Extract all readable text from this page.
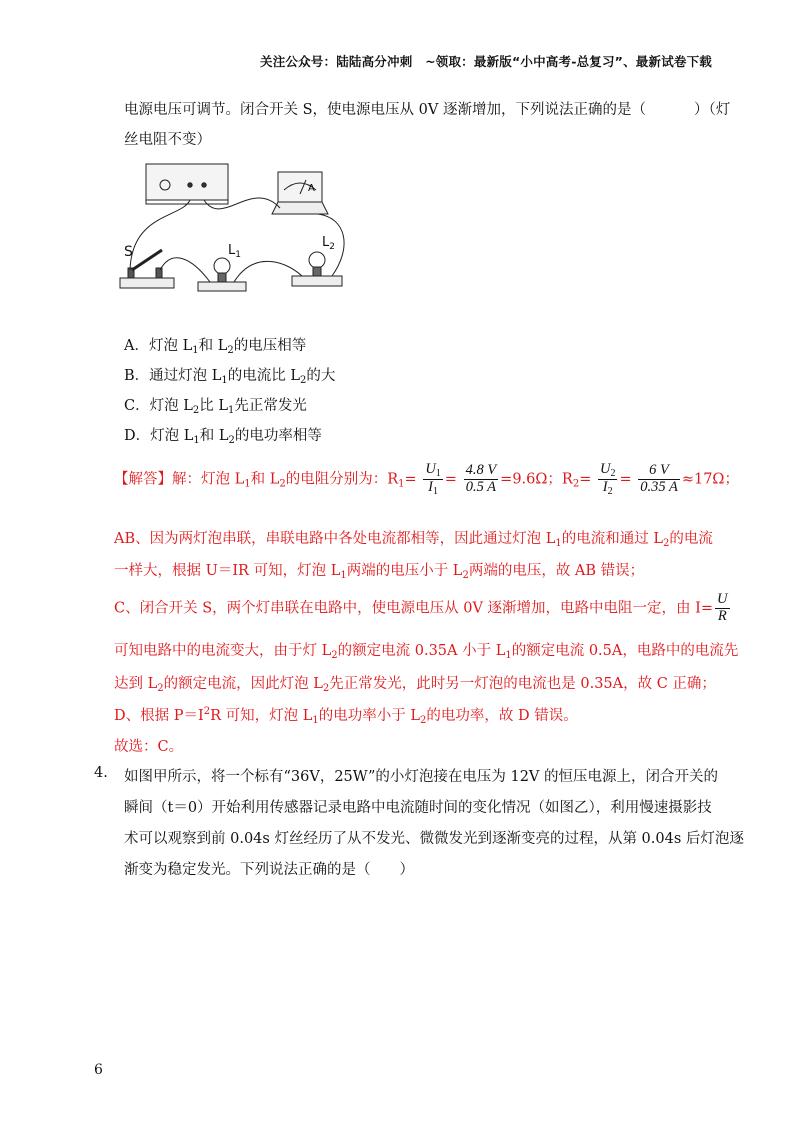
关注公众号：陆陆高分冲刺　~领取：最新版“小中高考-总复习”、最新试卷下载
电源电压可调节。闭合开关 S，使电源电压从 0V 逐渐增加，下列说法正确的是（	）（灯
丝电阻不变）
A
S	$L_1$
$L_2$
A．灯泡 $L_1$和 $L_2$的电压相等
B．通过灯泡 $L_1$的电流比 $L_2$的大
C．灯泡 $L_2$比 $L_1$先正常发光
D．灯泡 $L_1$和 $L_2$的电功率相等
【解答】解：灯泡 $L_1$和 $L_2$的电阻分别为：$R_1= \frac{U_1}{I_1} = \frac{4.8 V}{0.5 A} =9.6\Omega$；$R_2= \frac{U_2}{I_2} = \frac{6 V}{0.35 A} \approx 17\Omega$；
AB、因为两灯泡串联，串联电路中各处电流都相等，因此通过灯泡 $L_1$的电流和通过 $L_2$的电流
一样大，根据 U＝IR 可知，灯泡 $L_1$两端的电压小于 $L_2$两端的电压，故 AB 错误；
C、闭合开关 S，两个灯串联在电路中，使电源电压从 0V 逐渐增加，电路中电阻一定，由 $I= \frac{U}{R}$
可知电路中的电流变大，由于灯 $L_2$的额定电流 0.35A 小于 $L_1$的额定电流 0.5A，电路中的电流先
达到 $L_2$的额定电流，因此灯泡 $L_2$先正常发光，此时另一灯泡的电流也是 0.35A，故 C 正确；
D、根据 $P=I^2R$ 可知，灯泡 $L_1$的电功率小于 $L_2$的电功率，故 D 错误。
故选：C。
4. 如图甲所示，将一个标有“36V，25W”的小灯泡接在电压为 12V 的恒压电源上，闭合开关的
瞬间（t＝0）开始利用传感器记录电路中电流随时间的变化情况（如图乙），利用慢速摄影技
术可以观察到前 0.04s 灯丝经历了从不发光、微微发光到逐渐变亮的过程，从第 0.04s 后灯泡逐
渐变为稳定发光。下列说法正确的是（　　）
6
